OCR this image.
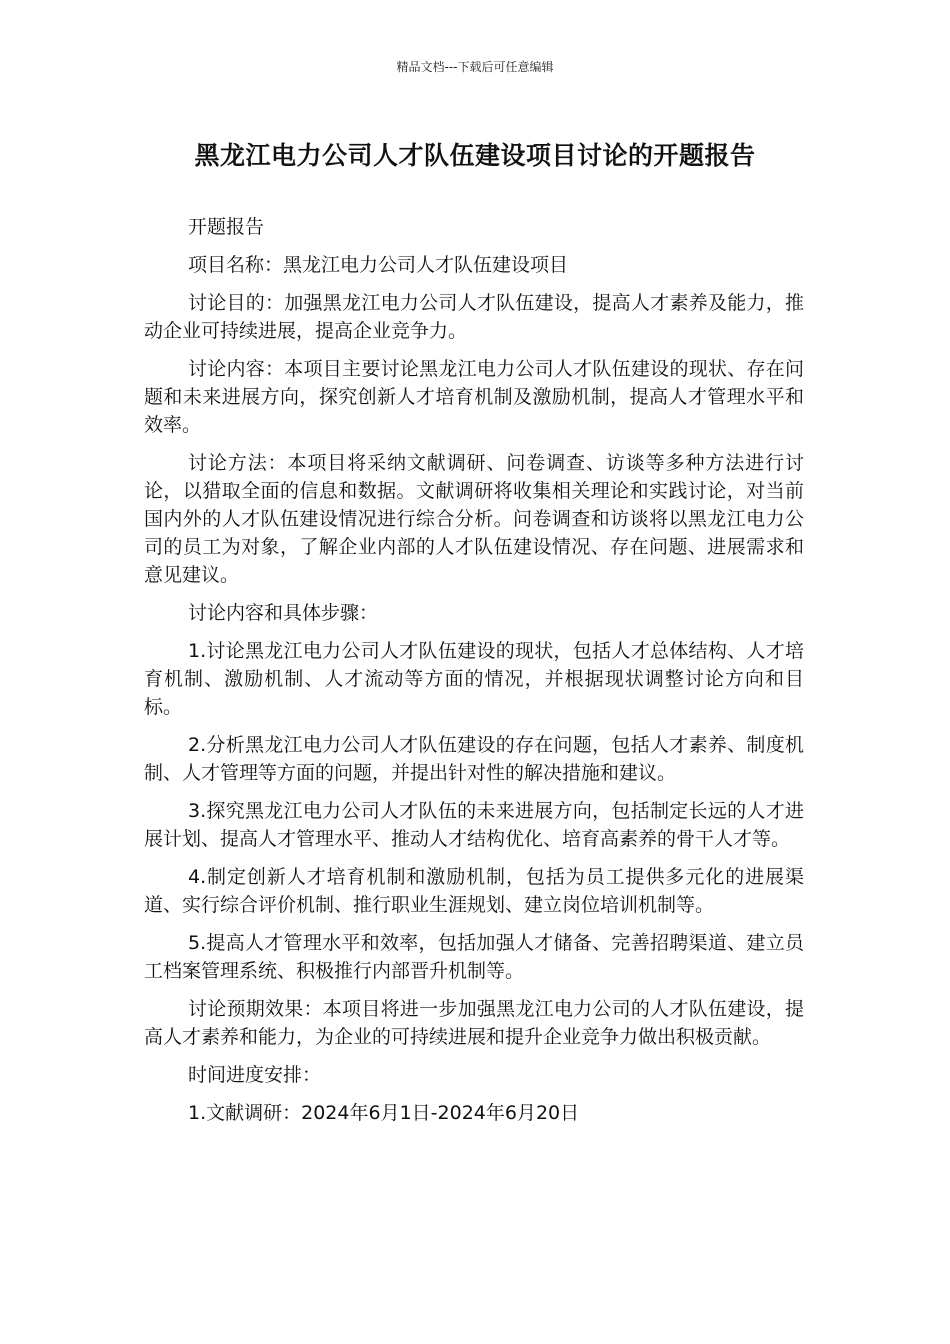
精品文档---下载后可任意编辑
黑龙江电力公司人才队伍建设项目讨论的开题报告

开题报告

项目名称：黑龙江电力公司人才队伍建设项目

讨论目的：加强黑龙江电力公司人才队伍建设，提高人才素养及能力，推动企业可持续进展，提高企业竞争力。

讨论内容：本项目主要讨论黑龙江电力公司人才队伍建设的现状、存在问题和未来进展方向，探究创新人才培育机制及激励机制，提高人才管理水平和效率。

讨论方法：本项目将采纳文献调研、问卷调查、访谈等多种方法进行讨论，以猎取全面的信息和数据。文献调研将收集相关理论和实践讨论，对当前国内外的人才队伍建设情况进行综合分析。问卷调查和访谈将以黑龙江电力公司的员工为对象，了解企业内部的人才队伍建设情况、存在问题、进展需求和意见建议。

讨论内容和具体步骤：

1.讨论黑龙江电力公司人才队伍建设的现状，包括人才总体结构、人才培育机制、激励机制、人才流动等方面的情况，并根据现状调整讨论方向和目标。

2.分析黑龙江电力公司人才队伍建设的存在问题，包括人才素养、制度机制、人才管理等方面的问题，并提出针对性的解决措施和建议。

3.探究黑龙江电力公司人才队伍的未来进展方向，包括制定长远的人才进展计划、提高人才管理水平、推动人才结构优化、培育高素养的骨干人才等。

4.制定创新人才培育机制和激励机制，包括为员工提供多元化的进展渠道、实行综合评价机制、推行职业生涯规划、建立岗位培训机制等。

5.提高人才管理水平和效率，包括加强人才储备、完善招聘渠道、建立员工档案管理系统、积极推行内部晋升机制等。

讨论预期效果：本项目将进一步加强黑龙江电力公司的人才队伍建设，提高人才素养和能力，为企业的可持续进展和提升企业竞争力做出积极贡献。

时间进度安排：

1.文献调研：2024年6月1日-2024年6月20日
